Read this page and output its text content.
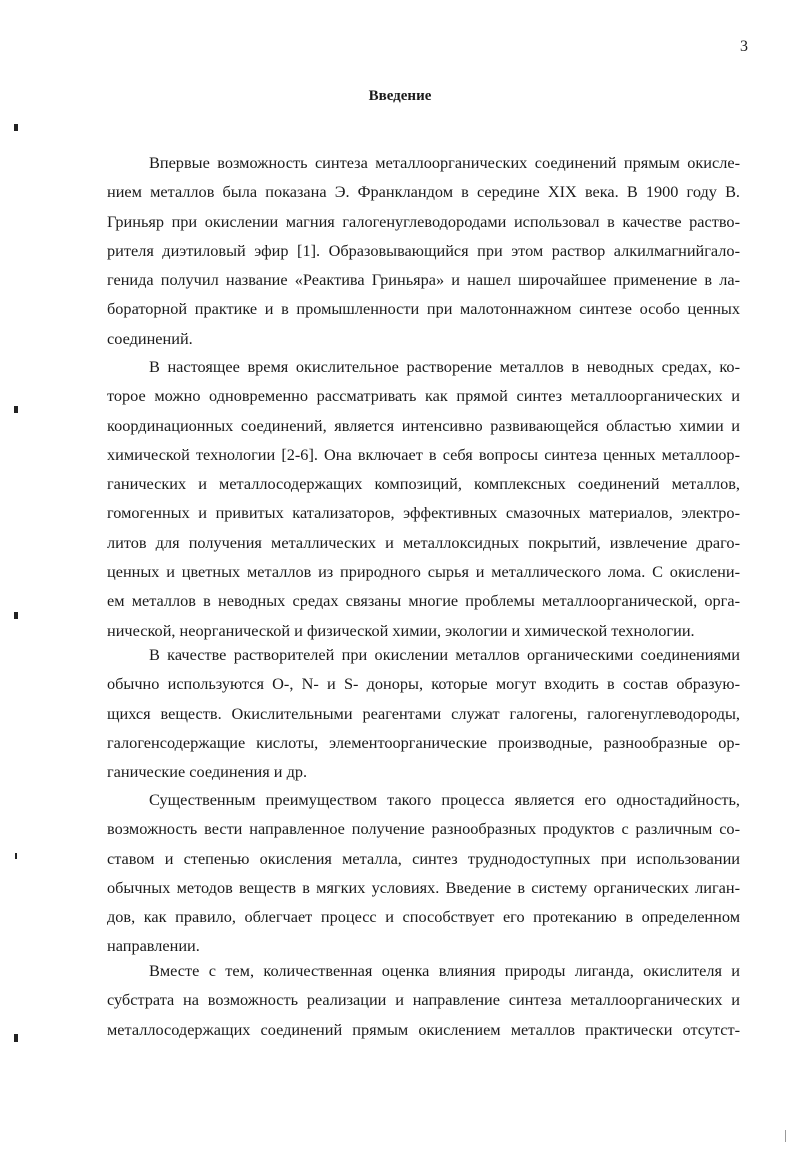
3
Введение
Впервые возможность синтеза металлоорганических соединений прямым окисле-
нием металлов была показана Э. Франкландом в середине XIX века. В 1900 году В.
Гриньяр при окислении магния галогенуглеводородами использовал в качестве раство-
рителя диэтиловый эфир [1]. Образовывающийся при этом раствор алкилмагнийгало-
генида получил название «Реактива Гриньяра» и нашел широчайшее применение в ла-
бораторной практике и в промышленности при малотоннажном синтезе особо ценных
соединений.
В настоящее время окислительное растворение металлов в неводных средах, ко-
торое можно одновременно рассматривать как прямой синтез металлоорганических и
координационных соединений, является интенсивно развивающейся областью химии и
химической технологии [2-6]. Она включает в себя вопросы синтеза ценных металлоор-
ганических и металлосодержащих композиций, комплексных соединений металлов,
гомогенных и привитых катализаторов, эффективных смазочных материалов, электро-
литов для получения металлических и металлоксидных покрытий, извлечение драго-
ценных и цветных металлов из природного сырья и металлического лома. С окислени-
ем металлов в неводных средах связаны многие проблемы металлоорганической, орга-
нической, неорганической и физической химии, экологии и химической технологии.
В качестве растворителей при окислении металлов органическими соединениями
обычно используются О-, N- и S- доноры, которые могут входить в состав образую-
щихся веществ. Окислительными реагентами служат галогены, галогенуглеводороды,
галогенсодержащие кислоты, элементоорганические производные, разнообразные ор-
ганические соединения и др.
Существенным преимуществом такого процесса является его одностадийность,
возможность вести направленное получение разнообразных продуктов с различным со-
ставом и степенью окисления металла, синтез труднодоступных при использовании
обычных методов веществ в мягких условиях. Введение в систему органических лиган-
дов, как правило, облегчает процесс и способствует его протеканию в определенном
направлении.
Вместе с тем, количественная оценка влияния природы лиганда, окислителя и
субстрата на возможность реализации и направление синтеза металлоорганических и
металлосодержащих соединений прямым окислением металлов практически отсутст-
